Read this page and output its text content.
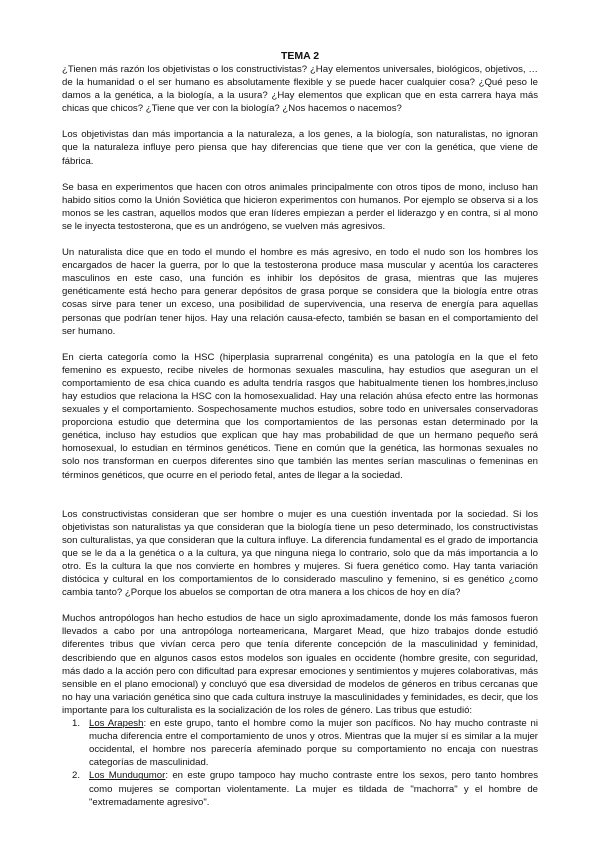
TEMA 2

¿Tienen más razón los objetivistas o los constructivistas? ¿Hay elementos universales, biológicos, objetivos, … de la humanidad o el ser humano es absolutamente flexible y se puede hacer cualquier cosa? ¿Qué peso le damos a la genética, a la biología, a la usura? ¿Hay elementos que explican que en esta carrera haya más chicas que chicos? ¿Tiene que ver con la biología? ¿Nos hacemos o nacemos?

Los objetivistas dan más importancia a la naturaleza, a los genes, a la biología, son naturalistas, no ignoran que la naturaleza influye pero piensa que hay diferencias que tiene que ver con la genética, que viene de fábrica.

Se basa en experimentos que hacen con otros animales principalmente con otros tipos de mono, incluso han habido sitios como la Unión Soviética que hicieron experimentos con humanos. Por ejemplo se observa si a los monos se les castran, aquellos modos que eran líderes empiezan a perder el liderazgo y en contra, si al mono se le inyecta testosterona, que es un andrógeno, se vuelven más agresivos.

Un naturalista dice que en todo el mundo el hombre es más agresivo, en todo el nudo son los hombres los encargados de hacer la guerra, por lo que la testosterona produce masa muscular y acentúa los caracteres masculinos en este caso, una función es inhibir los depósitos de grasa, mientras que las mujeres genéticamente está hecho para generar depósitos de grasa porque se considera que la biología entre otras cosas sirve para tener un exceso, una posibilidad de supervivencia, una reserva de energía para aquellas personas que podrían tener hijos. Hay una relación causa-efecto, también se basan en el comportamiento del ser humano.

En cierta categoría como la HSC (hiperplasia suprarrenal congénita) es una patología en la que el feto femenino es expuesto, recibe niveles de hormonas sexuales masculina, hay estudios que aseguran un el comportamiento de esa chica cuando es adulta tendría rasgos que habitualmente tienen los hombres,incluso hay estudios que relaciona la HSC con la homosexualidad. Hay una relación ahúsa efecto entre las hormonas sexuales y el comportamiento. Sospechosamente muchos estudios, sobre todo en universales conservadoras proporciona estudio que determina que los comportamientos de las personas estan determinado por la genética, incluso hay estudios que explican que hay mas probabilidad de que un hermano pequeño será homosexual, lo estudian en términos genéticos. Tiene en común que la genética, las hormonas sexuales no solo nos transforman en cuerpos diferentes sino que también las mentes serían masculinas o femeninas en términos genéticos, que ocurre en el periodo fetal, antes de llegar a la sociedad.

Los constructivistas consideran que ser hombre o mujer es una cuestión inventada por la sociedad. Si los objetivistas son naturalistas ya que consideran que la biología tiene un peso determinado, los constructivistas son culturalistas, ya que consideran que la cultura influye. La diferencia fundamental es el grado de importancia que se le da a la genética o a la cultura, ya que ninguna niega lo contrario, solo que da más importancia a lo otro. Es la cultura la que nos convierte en hombres y mujeres. Si fuera genético como. Hay tanta variación distócica y cultural en los comportamientos de lo considerado masculino y femenino, si es genético ¿como cambia tanto? ¿Porque los abuelos se comportan de otra manera a los chicos de hoy en día?

Muchos antropólogos han hecho estudios de hace un siglo aproximadamente, donde los más famosos fueron llevados a cabo por una antropóloga norteamericana, Margaret Mead, que hizo trabajos donde estudió diferentes tribus que vivían cerca pero que tenía diferente concepción de la masculinidad y feminidad, describiendo que en algunos casos estos modelos son iguales en occidente (hombre gresite, con seguridad, más dado a la acción pero con dificultad para expresar emociones y sentimientos y mujeres colaborativas, más sensible en el plano emocional) y concluyó que esa diversidad de modelos de géneros en tribus cercanas que no hay una variación genética sino que cada cultura instruye la masculinidades y feminidades, es decir, que los importante para los culturalista es la socialización de los roles de género. Las tribus que estudió:

1. Los Arapesh: en este grupo, tanto el hombre como la mujer son pacíficos. No hay mucho contraste ni mucha diferencia entre el comportamiento de unos y otros. Mientras que la mujer sí es similar a la mujer occidental, el hombre nos parecería afeminado porque su comportamiento no encaja con nuestras categorías de masculinidad.
2. Los Mundugumor: en este grupo tampoco hay mucho contraste entre los sexos, pero tanto hombres como mujeres se comportan violentamente. La mujer es tildada de "machorra" y el hombre de "extremadamente agresivo".
